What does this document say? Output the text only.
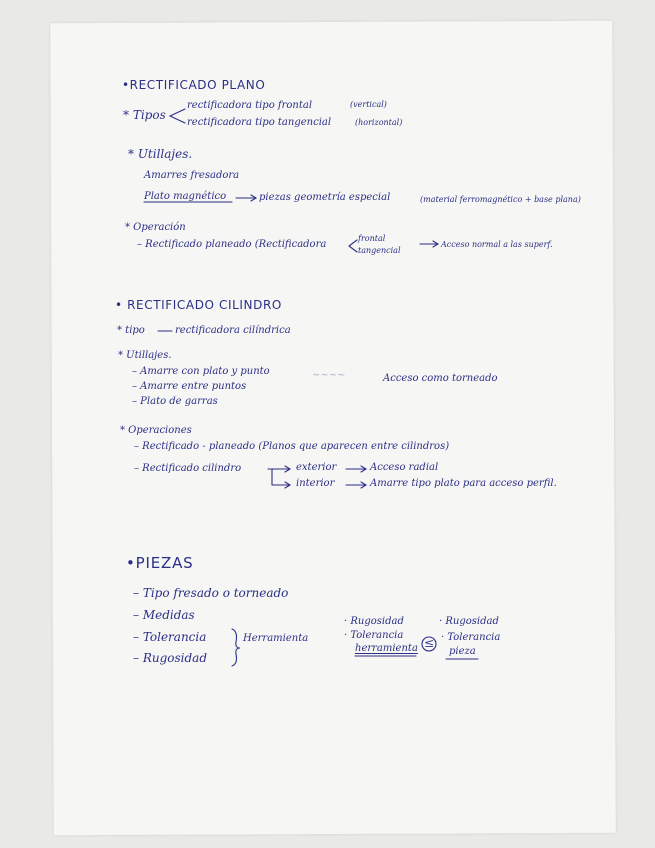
•RECTIFICADO PLANO
* Tipos
rectificadora tipo frontal	(vertical)
rectificadora tipo tangencial	(horizontal)
* Utillajes.
Amarres fresadora
Plato magnético	piezas geometría especial	(material ferromagnético + base plana)
* Operación
– Rectificado planeado (Rectificadora
frontal
tangencial
Acceso normal a las superf.
• RECTIFICADO CILINDRO
* tipo	rectificadora cilíndrica
* Utillajes.
– Amarre con plato y punto
– Amarre entre puntos
– Plato de garras
~~~~	Acceso como torneado
* Operaciones
– Rectificado - planeado (Planos que aparecen entre cilindros)
– Rectificado cilindro	exterior	Acceso radial
interior	Amarre tipo plato para acceso perfil.
•PIEZAS
– Tipo fresado o torneado
– Medidas
– Tolerancia
– Rugosidad
Herramienta
· Rugosidad
· Tolerancia
herramienta ≤
· Rugosidad
· Tolerancia
pieza
